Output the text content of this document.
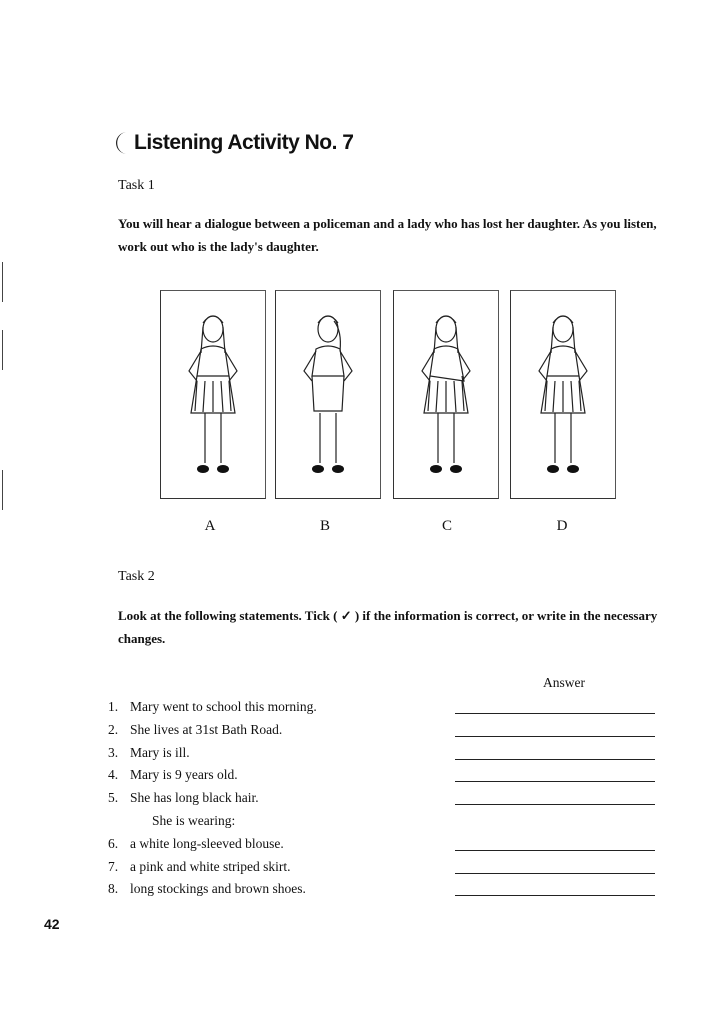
Listening Activity No. 7
Task 1
You will hear a dialogue between a policeman and a lady who has lost her daughter. As you listen, work out who is the lady's daughter.
A	B	C	D
Task 2
Look at the following statements. Tick ( ✓ ) if the information is correct, or write in the necessary changes.
Answer
1. Mary went to school this morning.
2. She lives at 31st Bath Road.
3. Mary is ill.
4. Mary is 9 years old.
5. She has long black hair.
She is wearing:
6. a white long-sleeved blouse.
7. a pink and white striped skirt.
8. long stockings and brown shoes.
42
